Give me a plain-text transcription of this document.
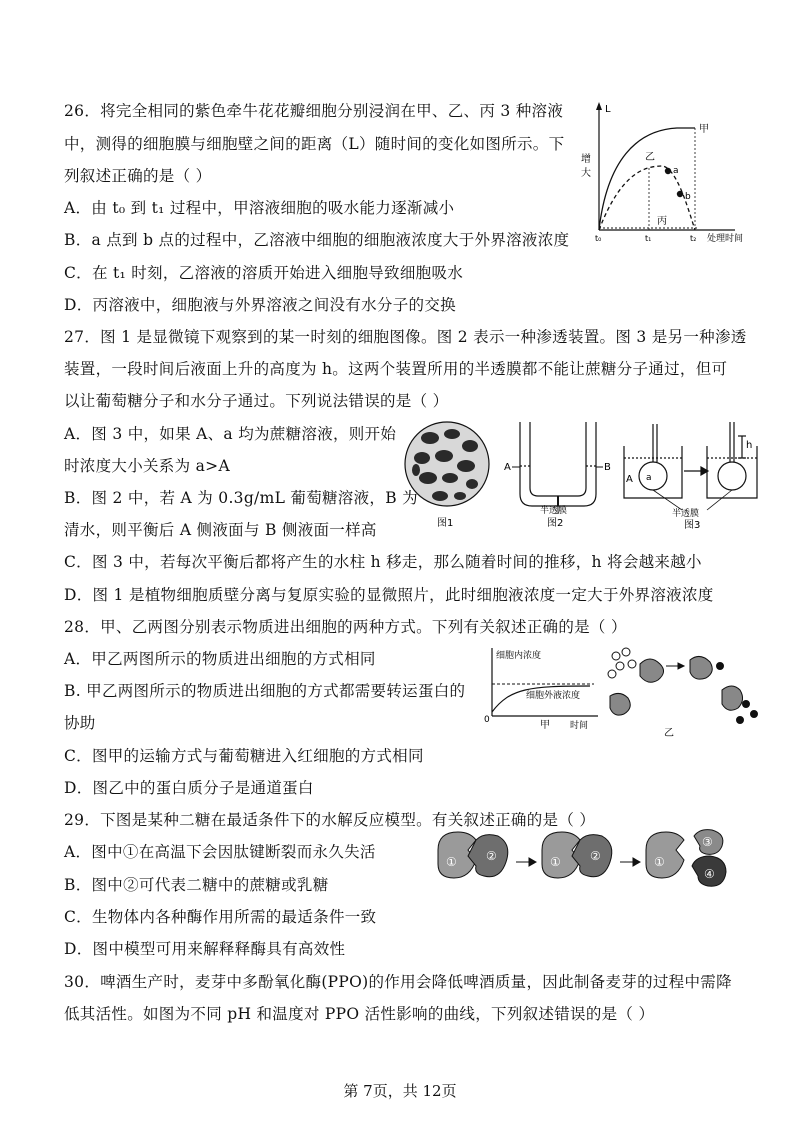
26．将完全相同的紫色牵牛花花瓣细胞分别浸润在甲、乙、丙 3 种溶液
中，测得的细胞膜与细胞壁之间的距离（L）随时间的变化如图所示。下
列叙述正确的是（ ）
A．由 t₀ 到 t₁ 过程中，甲溶液细胞的吸水能力逐渐减小
B．a 点到 b 点的过程中，乙溶液中细胞的细胞液浓度大于外界溶液浓度
C．在 t₁ 时刻，乙溶液的溶质开始进入细胞导致细胞吸水
D．丙溶液中，细胞液与外界溶液之间没有水分子的交换
L
增
大
甲
乙
a
b
丙
t₀	t₁	t₂ 处理时间
27．图 1 是显微镜下观察到的某一时刻的细胞图像。图 2 表示一种渗透装置。图 3 是另一种渗透
装置，一段时间后液面上升的高度为 h。这两个装置所用的半透膜都不能让蔗糖分子通过，但可
以让葡萄糖分子和水分子通过。下列说法错误的是（ ）
A．图 3 中，如果 A、a 均为蔗糖溶液，则开始
时浓度大小关系为 a>A
B．图 2 中，若 A 为 0.3g/mL 葡萄糖溶液，B 为
清水，则平衡后 A 侧液面与 B 侧液面一样高
C．图 3 中，若每次平衡后都将产生的水柱 h 移走，那么随着时间的推移，h 将会越来越小
D．图 1 是植物细胞质壁分离与复原实验的显微照片，此时细胞液浓度一定大于外界溶液浓度
图1
A	B
半透膜
图2
A a
h
半透膜
图3
28．甲、乙两图分别表示物质进出细胞的两种方式。下列有关叙述正确的是（ ）
A．甲乙两图所示的物质进出细胞的方式相同
B. 甲乙两图所示的物质进出细胞的方式都需要转运蛋白的
协助
C．图甲的运输方式与葡萄糖进入红细胞的方式相同
D．图乙中的蛋白质分子是通道蛋白
细胞内浓度
细胞外液浓度
0	甲 时间
乙
29．下图是某种二糖在最适条件下的水解反应模型。有关叙述正确的是（ ）
A．图中①在高温下会因肽键断裂而永久失活
B．图中②可代表二糖中的蔗糖或乳糖
C．生物体内各种酶作用所需的最适条件一致
D．图中模型可用来解释释酶具有高效性
① ②	① ②	①
③
④
30．啤酒生产时，麦芽中多酚氧化酶(PPO)的作用会降低啤酒质量，因此制备麦芽的过程中需降
低其活性。如图为不同 pH 和温度对 PPO 活性影响的曲线，下列叙述错误的是（ ）
第 7页，共 12页
